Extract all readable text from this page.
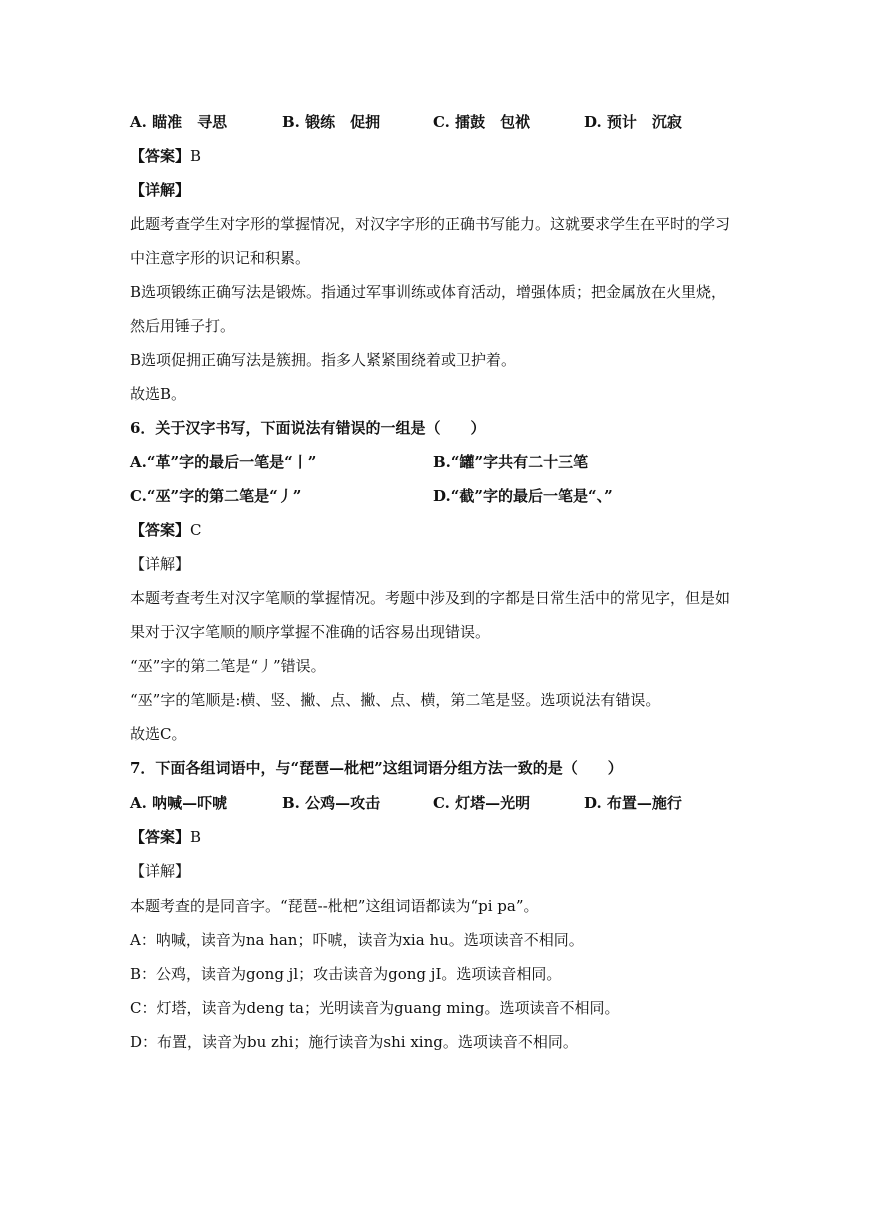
A. 瞄准　寻思	B. 锻练　促拥	C. 擂鼓　包袱	D. 预计　沉寂
【答案】B
【详解】
此题考查学生对字形的掌握情况，对汉字字形的正确书写能力。这就要求学生在平时的学习
中注意字形的识记和积累。
B选项锻练正确写法是锻炼。指通过军事训练或体育活动，增强体质；把金属放在火里烧，
然后用锤子打。
B选项促拥正确写法是簇拥。指多人紧紧围绕着或卫护着。
故选B。
6．关于汉字书写，下面说法有错误的一组是（　　）
A.“革”字的最后一笔是“丨”	B.“罐”字共有二十三笔
C.“巫”字的第二笔是“丿”	D.“截”字的最后一笔是“、”
【答案】C
【详解】
本题考查考生对汉字笔顺的掌握情况。考题中涉及到的字都是日常生活中的常见字，但是如
果对于汉字笔顺的顺序掌握不准确的话容易出现错误。
“巫”字的第二笔是“丿”错误。
“巫”字的笔顺是:横、竖、撇、点、撇、点、横，第二笔是竖。选项说法有错误。
故选C。
7．下面各组词语中，与“琵琶—枇杷”这组词语分组方法一致的是（　　）
A. 呐喊—吓唬	B. 公鸡—攻击	C. 灯塔—光明	D. 布置—施行
【答案】B
【详解】
本题考查的是同音字。“琵琶--枇杷”这组词语都读为“pi pa”。
A：呐喊，读音为na han；吓唬，读音为xia hu。选项读音不相同。
B：公鸡，读音为gong jl；攻击读音为gong jI。选项读音相同。
C：灯塔，读音为deng ta；光明读音为guang ming。选项读音不相同。
D：布置，读音为bu zhi；施行读音为shi xing。选项读音不相同。
